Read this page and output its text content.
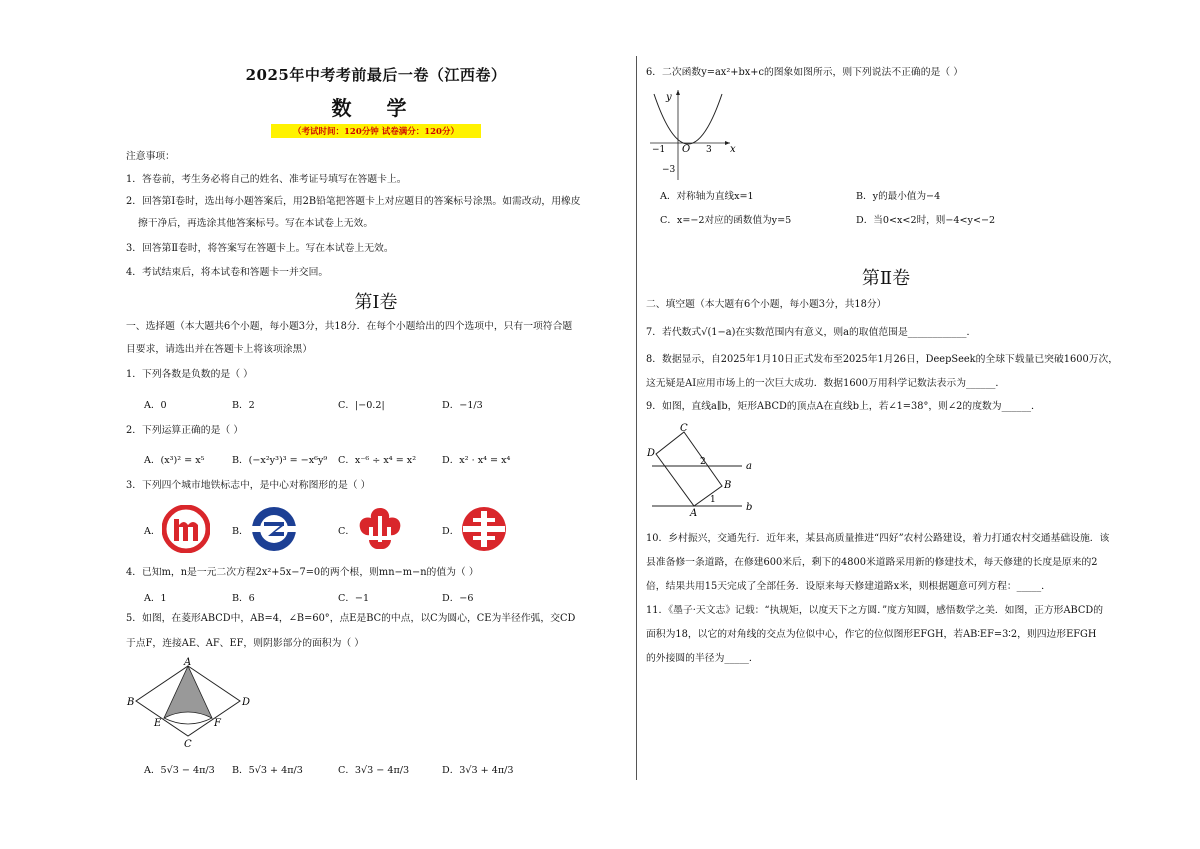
2025年中考考前最后一卷（江西卷）
数 学
（考试时间：120分钟 试卷满分：120分）
注意事项：
1．答卷前，考生务必将自己的姓名、准考证号填写在答题卡上。
2．回答第Ⅰ卷时，选出每小题答案后，用2B铅笔把答题卡上对应题目的答案标号涂黑。如需改动，用橡皮
擦干净后，再选涂其他答案标号。写在本试卷上无效。
3．回答第Ⅱ卷时，将答案写在答题卡上。写在本试卷上无效。
4．考试结束后，将本试卷和答题卡一并交回。
第Ⅰ卷
一、选择题（本大题共6个小题，每小题3分，共18分．在每个小题给出的四个选项中，只有一项符合题
目要求，请选出并在答题卡上将该项涂黑）
1．下列各数是负数的是（ ）
A．0	B．2	C．|−0.2|	D．−1/3
2．下列运算正确的是（ ）
A．(x³)² = x⁵	B．(−x²y³)³ = −x⁶y⁹ C．x⁻⁶ ÷ x⁴ = x²	D．x² · x⁴ = x⁴
3．下列四个城市地铁标志中，是中心对称图形的是（ ）
A．	B．	C．	D．
4．已知m，n是一元二次方程2x²+5x−7=0的两个根，则mn−m−n的值为（ ）
A．1	B．6	C．−1	D．−6
5．如图，在菱形ABCD中，AB=4，∠B=60°，点E是BC的中点，以C为圆心，CE为半径作弧，交CD
于点F，连接AE、AF、EF，则阴影部分的面积为（ ）
A
B
C
D
E	F
A．5√3 − 4π/3 B．5√3 + 4π/3	C．3√3 − 4π/3	D．3√3 + 4π/3
6．二次函数y=ax²+bx+c的图象如图所示，则下列说法不正确的是（ ）
y
x
O
−1	3
−3
A．对称轴为直线x=1	B．y的最小值为−4
C．x=−2对应的函数值为y=5	D．当0<x<2时，则−4<y<−2
第Ⅱ卷
二、填空题（本大题有6个小题，每小题3分，共18分）
7．若代数式√(1−a)在实数范围内有意义，则a的取值范围是____________．
8．数据显示，自2025年1月10日正式发布至2025年1月26日，DeepSeek的全球下载量已突破1600万次，
这无疑是AI应用市场上的一次巨大成功．数据1600万用科学记数法表示为______．
9．如图，直线a∥b，矩形ABCD的顶点A在直线b上，若∠1=38°，则∠2的度数为______．
C
D
a
B
A
b
1
2
10．乡村振兴，交通先行．近年来，某县高质量推进“四好”农村公路建设，着力打通农村交通基础设施．该
县准备修一条道路，在修建600米后，剩下的4800米道路采用新的修建技术，每天修建的长度是原来的2
倍，结果共用15天完成了全部任务．设原来每天修建道路x米，则根据题意可列方程：_____．
11．《墨子·天文志》记载：“执规矩，以度天下之方圆．”度方知圆，感悟数学之美．如图，正方形ABCD的
面积为18，以它的对角线的交点为位似中心，作它的位似图形EFGH，若AB∶EF=3∶2，则四边形EFGH
的外接圆的半径为_____．
